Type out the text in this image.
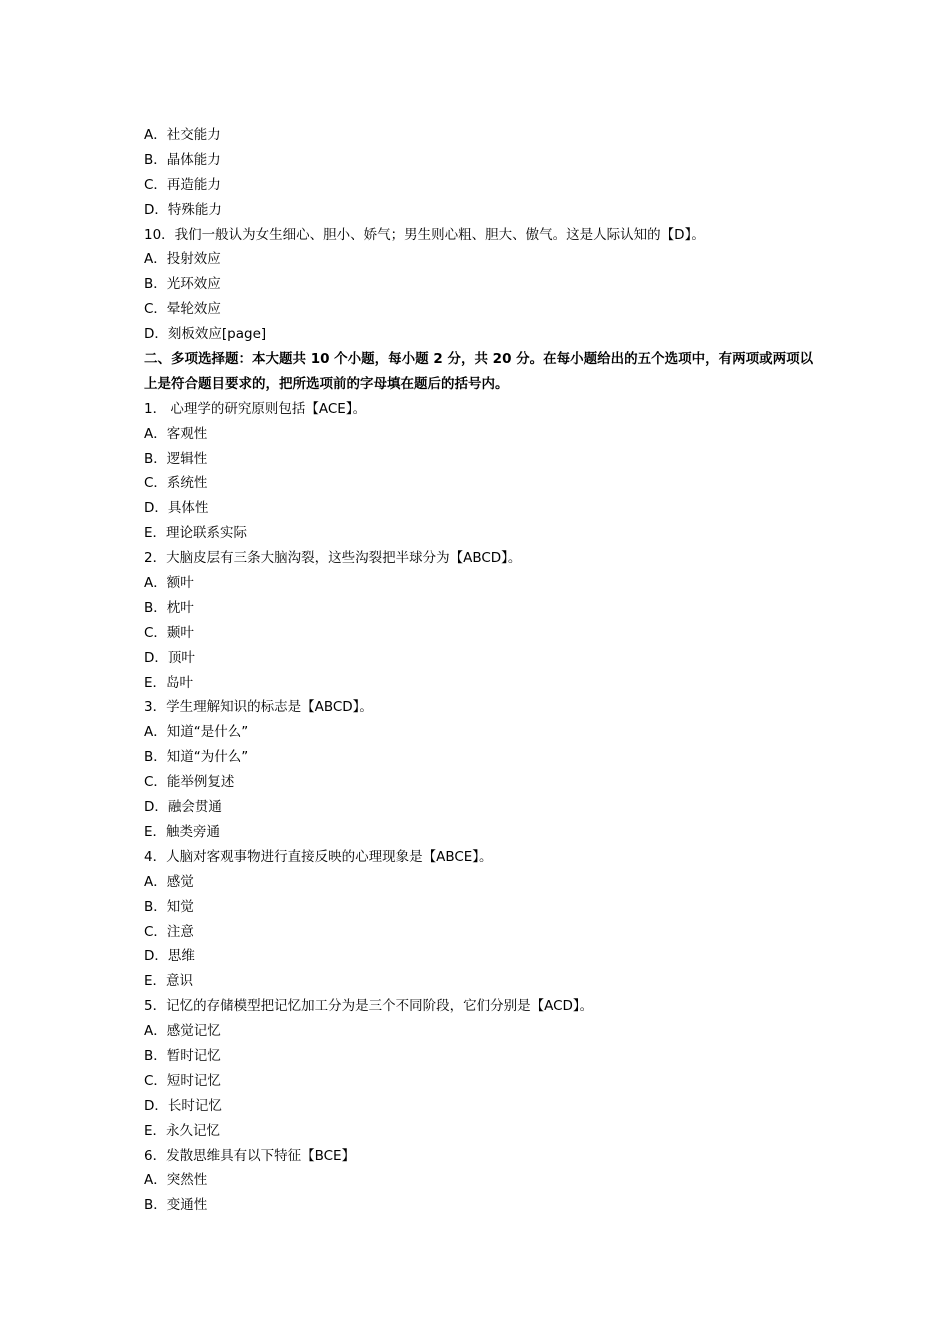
A．社交能力
B．晶体能力
C．再造能力
D．特殊能力
10．我们一般认为女生细心、胆小、娇气；男生则心粗、胆大、傲气。这是人际认知的【D】。
A．投射效应
B．光环效应
C．晕轮效应
D．刻板效应[page]
二、多项选择题：本大题共 10 个小题，每小题 2 分，共 20 分。在每小题给出的五个选项中，有两项或两项以
上是符合题目要求的，把所选项前的字母填在题后的括号内。
1． 心理学的研究原则包括【ACE】。
A．客观性
B．逻辑性
C．系统性
D．具体性
E．理论联系实际
2．大脑皮层有三条大脑沟裂，这些沟裂把半球分为【ABCD】。
A．额叶
B．枕叶
C．颞叶
D．顶叶
E．岛叶
3．学生理解知识的标志是【ABCD】。
A．知道“是什么”
B．知道“为什么”
C．能举例复述
D．融会贯通
E．触类旁通
4．人脑对客观事物进行直接反映的心理现象是【ABCE】。
A．感觉
B．知觉
C．注意
D．思维
E．意识
5．记忆的存储模型把记忆加工分为是三个不同阶段，它们分别是【ACD】。
A．感觉记忆
B．暂时记忆
C．短时记忆
D．长时记忆
E．永久记忆
6．发散思维具有以下特征【BCE】
A．突然性
B．变通性
